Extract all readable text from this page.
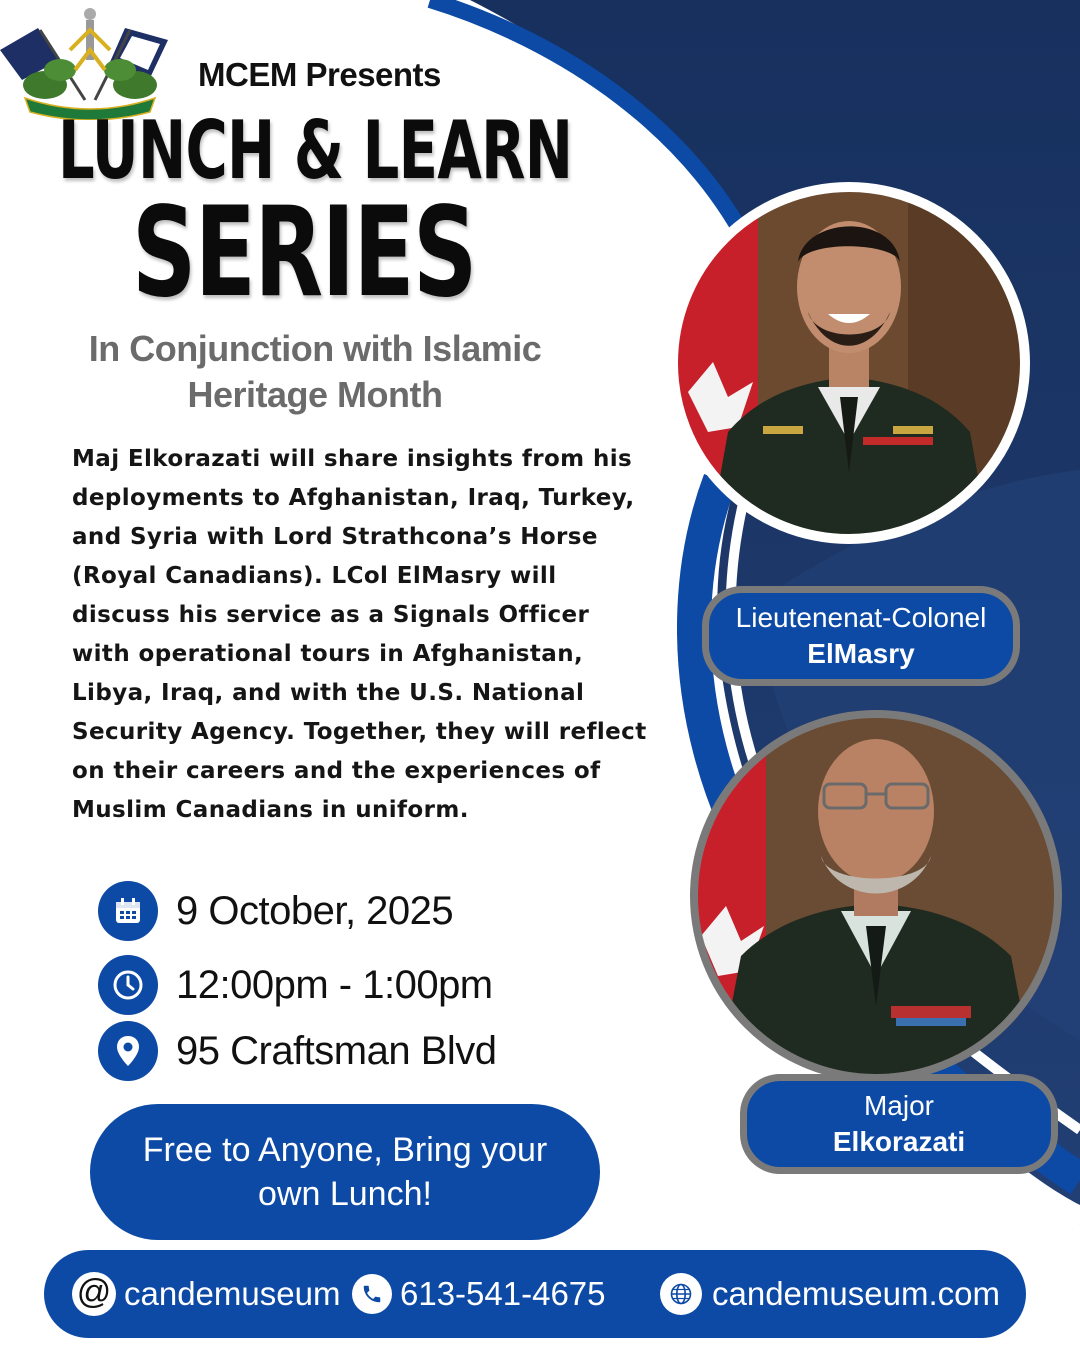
MCEM Presents
LUNCH & LEARN
SERIES
In Conjunction with Islamic
Heritage Month
Maj Elkorazati will share insights from his deployments to Afghanistan, Iraq, Turkey, and Syria with Lord Strathcona’s Horse (Royal Canadians). LCol ElMasry will discuss his service as a Signals Officer with operational tours in Afghanistan, Libya, Iraq, and with the U.S. National Security Agency. Together, they will reflect on their careers and the experiences of Muslim Canadians in uniform.
9 October, 2025
12:00pm - 1:00pm
95 Craftsman Blvd
Free to Anyone, Bring your
own Lunch!
Lieutenenat-Colonel
ElMasry
Major
Elkorazati
@ candemuseum 613-541-4675	candemuseum.com
